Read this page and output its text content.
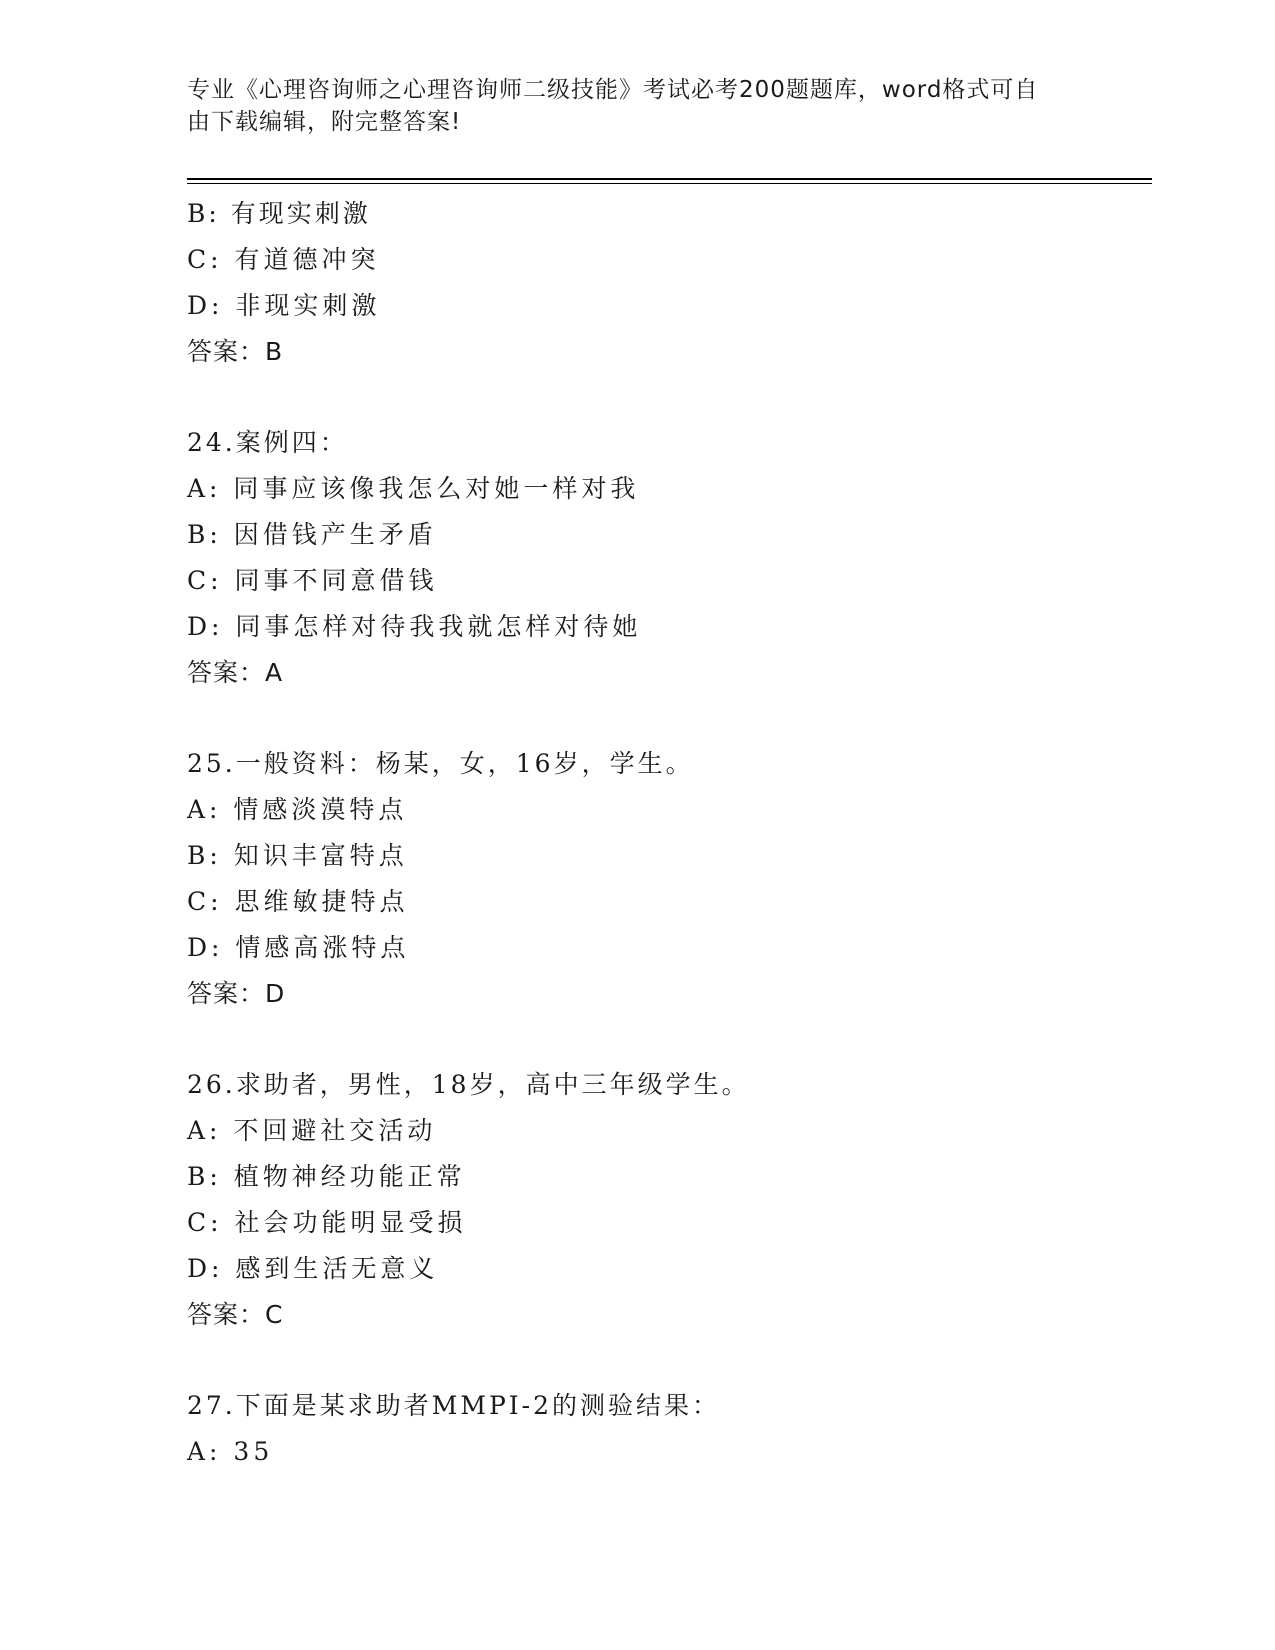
专业《心理咨询师之心理咨询师二级技能》考试必考200题题库，word格式可自
由下载编辑，附完整答案!
B: 有现实刺激
C: 有道德冲突
D: 非现实刺激
答案：B
24.案例四：
A: 同事应该像我怎么对她一样对我
B: 因借钱产生矛盾
C: 同事不同意借钱
D: 同事怎样对待我我就怎样对待她
答案：A
25.一般资料：杨某，女，16岁，学生。
A: 情感淡漠特点
B: 知识丰富特点
C: 思维敏捷特点
D: 情感高涨特点
答案：D
26.求助者，男性，18岁，高中三年级学生。
A: 不回避社交活动
B: 植物神经功能正常
C: 社会功能明显受损
D: 感到生活无意义
答案：C
27.下面是某求助者MMPI-2的测验结果：
A: 35
